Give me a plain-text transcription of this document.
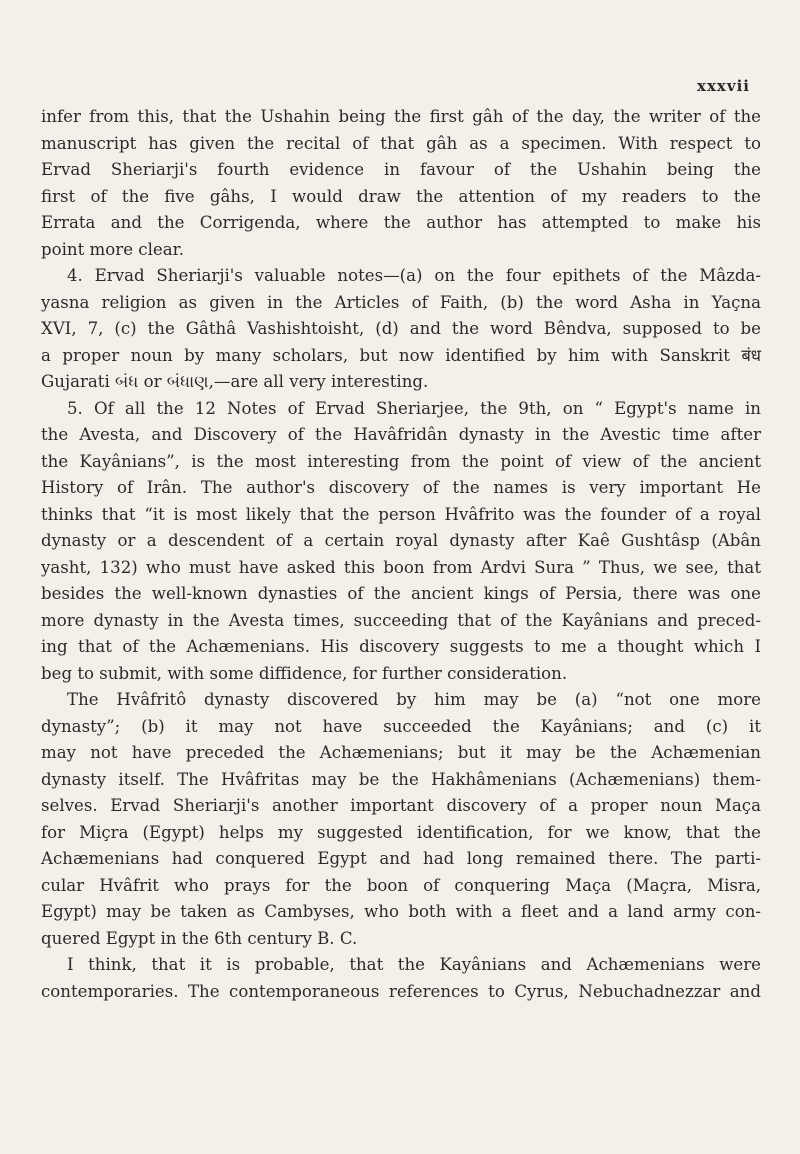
xxxvii
infer from this, that the Ushahin being the first gâh of the day, the writer of the
manuscript has given the recital of that gâh as a specimen. With respect to
Ervad Sheriarji's fourth evidence in favour of the Ushahin being the
first of the five gâhs, I would draw the attention of my readers to the
Errata and the Corrigenda, where the author has attempted to make his
point more clear.
4. Ervad Sheriarji's valuable notes—(a) on the four epithets of the Mâzda-
yasna religion as given in the Articles of Faith, (b) the word Asha in Yaçna
XVI, 7, (c) the Gâthâ Vashishtoisht, (d) and the word Bêndva, supposed to be
a proper noun by many scholars, but now identified by him with Sanskrit बंध
Gujarati બંધ or બંધાણ,—are all very interesting.
5. Of all the 12 Notes of Ervad Sheriarjee, the 9th, on “ Egypt's name in
the Avesta, and Discovery of the Havâfridân dynasty in the Avestic time after
the Kayânians”, is the most interesting from the point of view of the ancient
History of Irân. The author's discovery of the names is very important He
thinks that “it is most likely that the person Hvâfrito was the founder of a royal
dynasty or a descendent of a certain royal dynasty after Kaê Gushtâsp (Abân
yasht, 132) who must have asked this boon from Ardvi Sura ” Thus, we see, that
besides the well-known dynasties of the ancient kings of Persia, there was one
more dynasty in the Avesta times, succeeding that of the Kayânians and preced-
ing that of the Achæmenians. His discovery suggests to me a thought which I
beg to submit, with some diffidence, for further consideration.
The Hvâfritô dynasty discovered by him may be (a) “not one more
dynasty”; (b) it may not have succeeded the Kayânians; and (c) it
may not have preceded the Achæmenians; but it may be the Achæmenian
dynasty itself. The Hvâfritas may be the Hakhâmenians (Achæmenians) them-
selves. Ervad Sheriarji's another important discovery of a proper noun Maça
for Miçra (Egypt) helps my suggested identification, for we know, that the
Achæmenians had conquered Egypt and had long remained there. The parti-
cular Hvâfrit who prays for the boon of conquering Maça (Maçra, Misra,
Egypt) may be taken as Cambyses, who both with a fleet and a land army con-
quered Egypt in the 6th century B. C.
I think, that it is probable, that the Kayânians and Achæmenians were
contemporaries. The contemporaneous references to Cyrus, Nebuchadnezzar and
